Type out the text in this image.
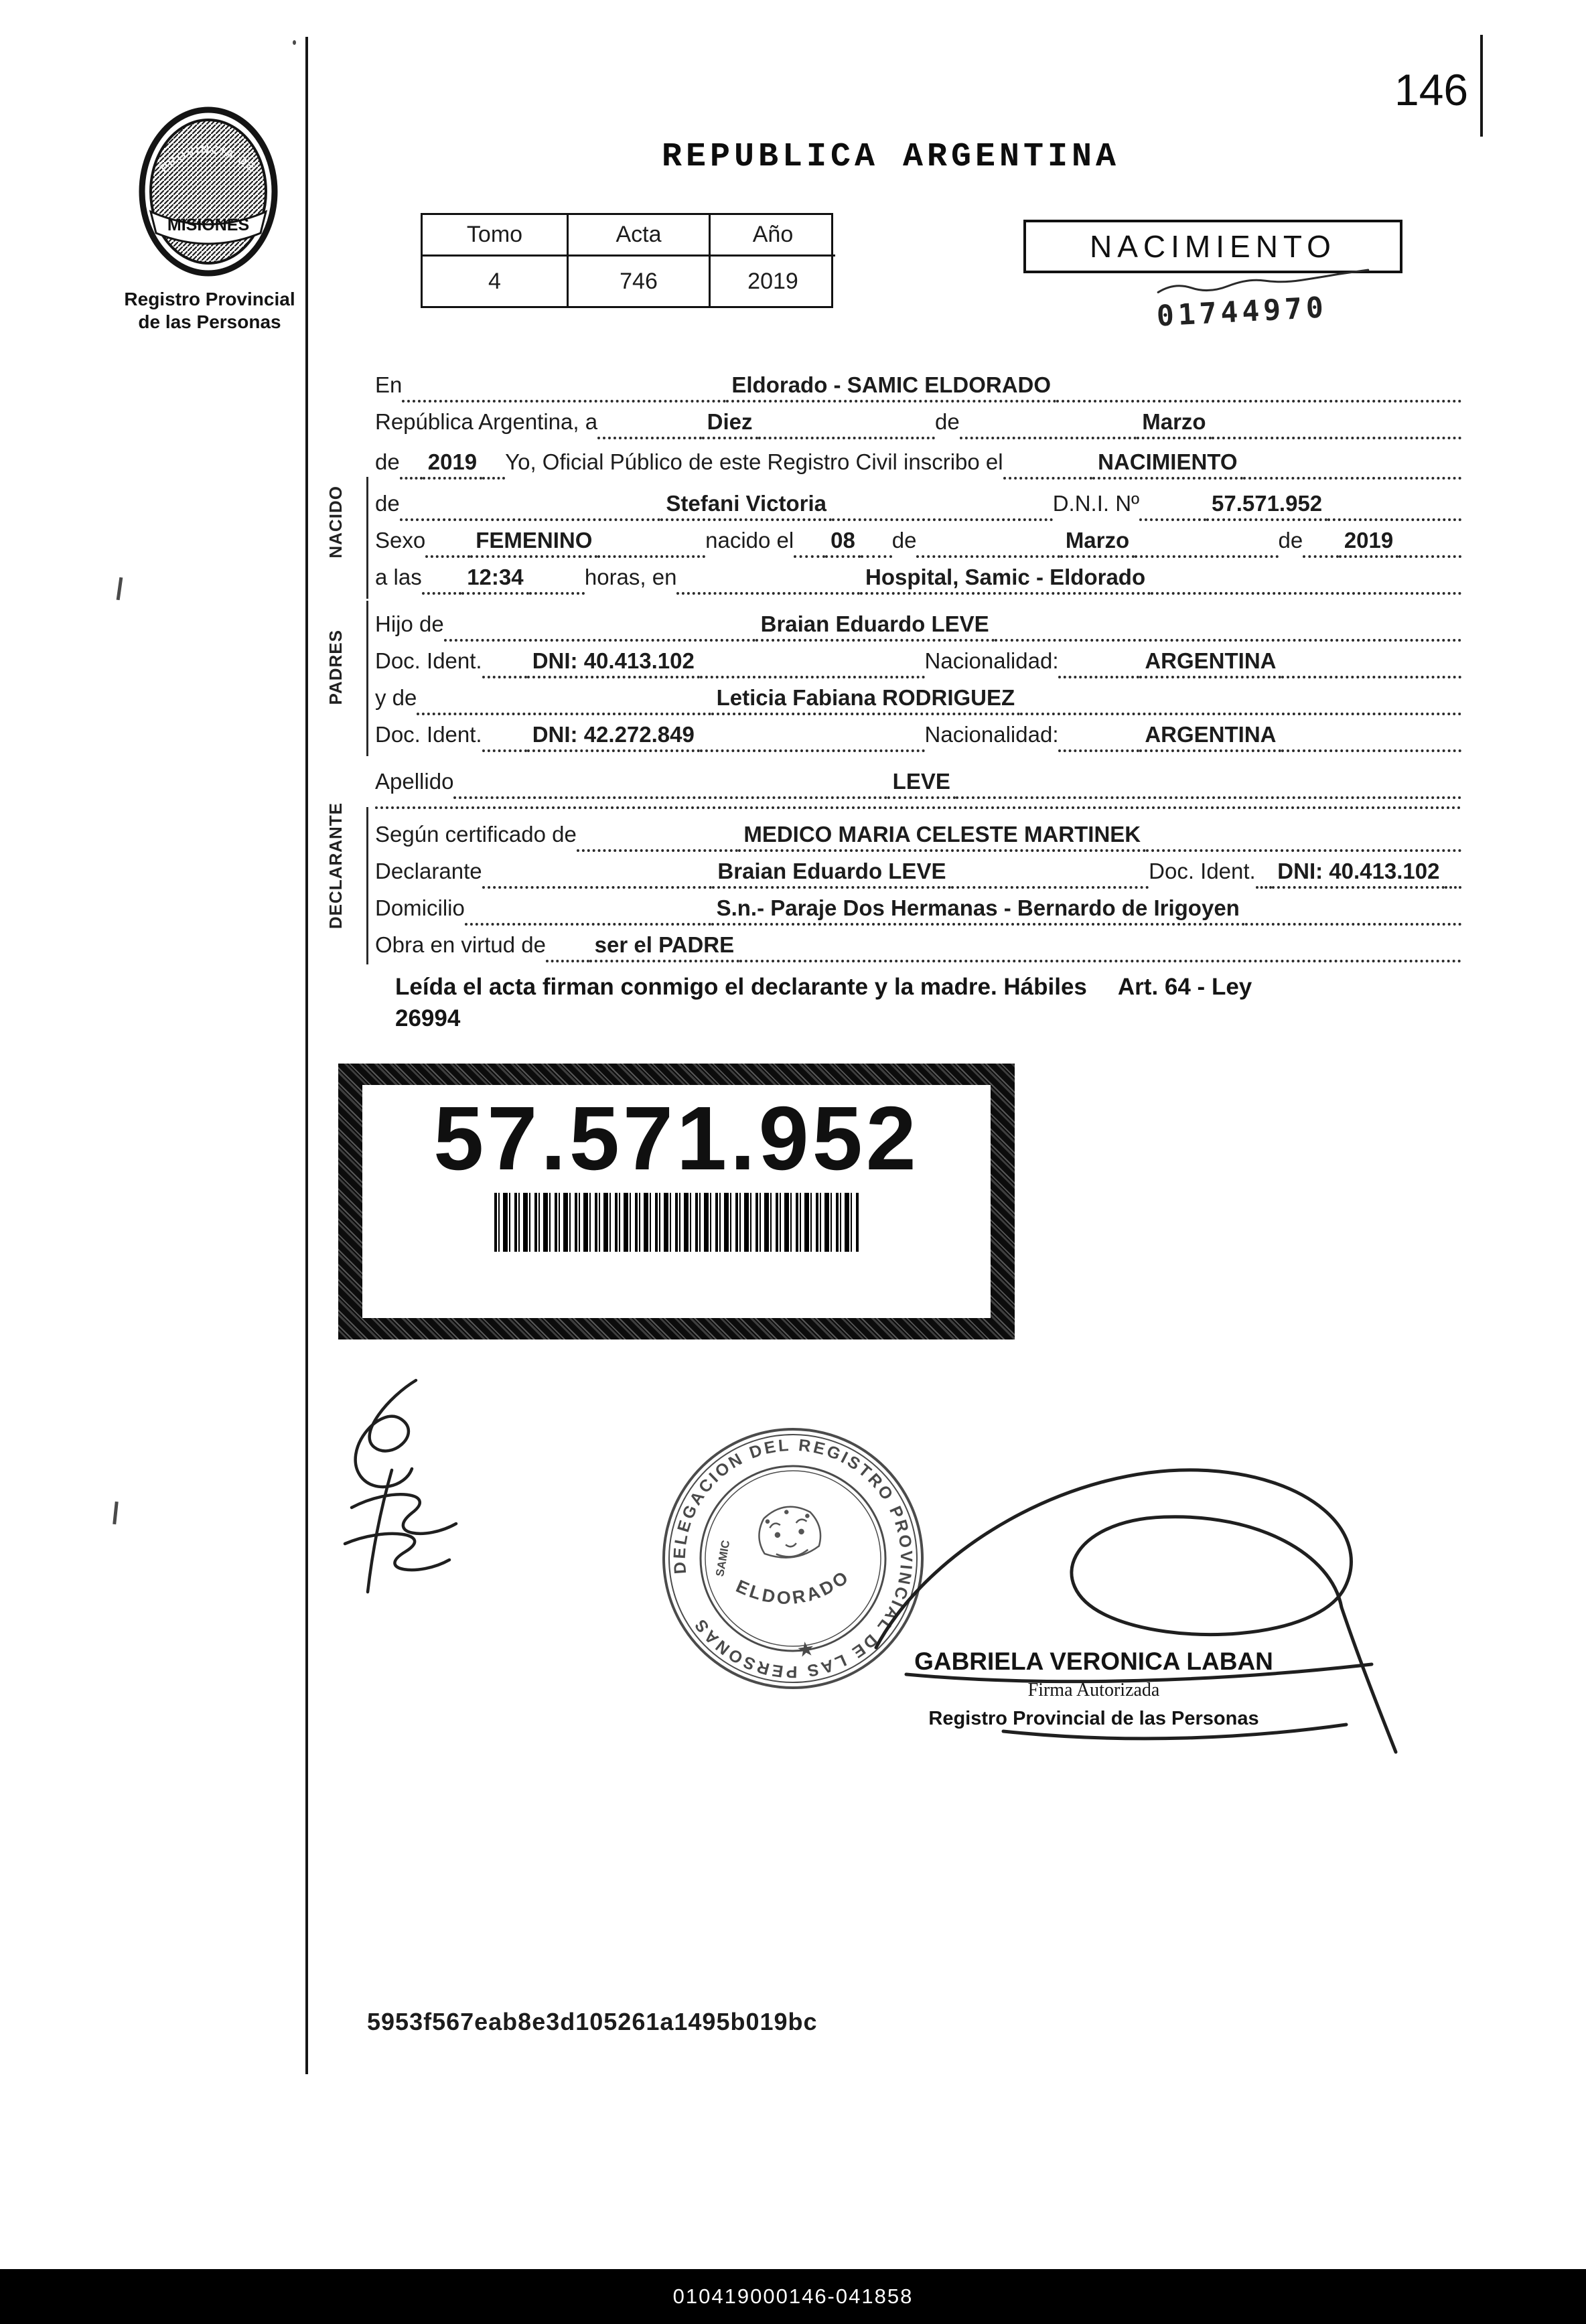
146
PROVINCIA DE
MISIONES
Registro Provincial
de las Personas
REPUBLICA ARGENTINA
Tomo	Acta	Año
4	746	2019
NACIMIENTO
01744970
En	Eldorado - SAMIC ELDORADO
República Argentina, a	Diez	de	Marzo
de 2019 Yo, Oficial Público de este Registro Civil inscribo el	NACIMIENTO
de	Stefani Victoria	D.N.I. Nº	57.571.952
Sexo FEMENINO	nacido el 08 de	Marzo	de 2019
a las 12:34	horas, en	Hospital, Samic - Eldorado
Hijo de	Braian Eduardo LEVE
Doc. Ident. DNI: 40.413.102	Nacionalidad:	ARGENTINA
y de	Leticia Fabiana RODRIGUEZ
Doc. Ident. DNI: 42.272.849	Nacionalidad:	ARGENTINA
Apellido	LEVE
Según certificado de	MEDICO MARIA CELESTE MARTINEK
Declarante	Braian Eduardo LEVE	Doc. Ident. DNI: 40.413.102
Domicilio	S.n.- Paraje Dos Hermanas - Bernardo de Irigoyen
Obra en virtud de ser el PADRE
NACIDO
PADRES
DECLARANTE
Leída el acta firman conmigo el declarante y la madre. Hábiles Art. 64 - Ley
26994
57.571.952
DELEGACION DEL REGISTRO PROVINCIAL DE LAS PERSONAS
ELDORADO
SAMIC
★	GABRIELA VERONICA LABAN
Firma Autorizada
Registro Provincial de las Personas
5953f567eab8e3d105261a1495b019bc
010419000146-041858
